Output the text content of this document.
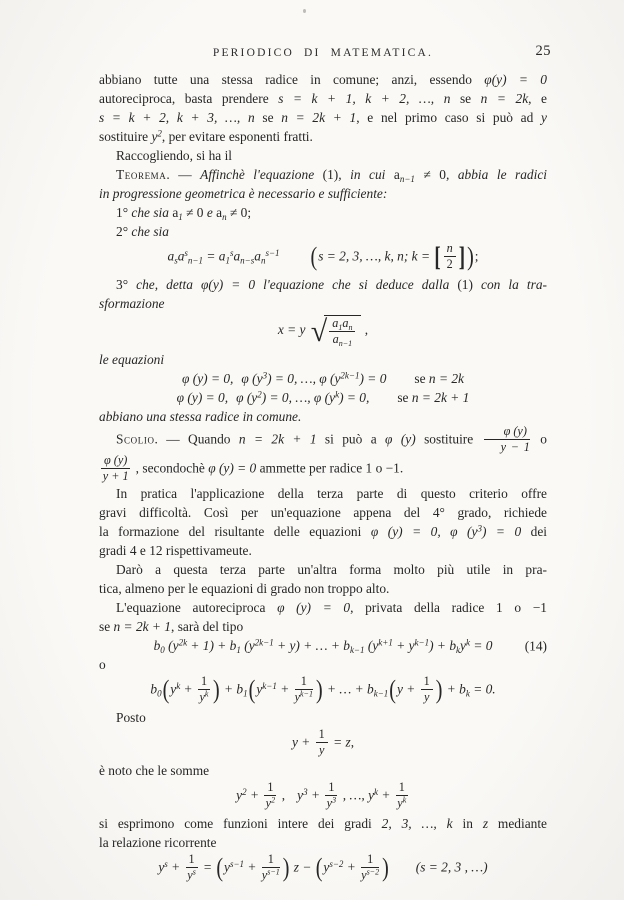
PERIODICO DI MATEMATICA.	25

abbiano tutte una stessa radice in comune; anzi, essendo φ(y) = 0

autoreciproca, basta prendere s = k + 1, k + 2, …, n se n = 2k, e

s = k + 2, k + 3, …, n se n = 2k + 1, e nel primo caso si può ad y

sostituire $y^2$, per evitare esponenti fratti.

Raccogliendo, si ha il

Teorema. — Affinchè l'equazione (1), in cui $a_{n-1} \ne 0$, abbia le radici

in progressione geometrica è necessario e sufficiente:

1° che sia $a_1 \ne 0$ e $a_n \ne 0$;

2° che sia

$a_sa^s_{n-1} = a_1^sa_{n-s}a_n^{s-1}$ (s = 2, 3, …, k, n; k = [ $\frac{n}{2}$ ] );

3° che, detta φ(y) = 0 l'equazione che si deduce dalla (1) con la tra-

sformazione

x = y √ $\frac{a_1a_n}{a_{n-1}}$ ,

le equazioni

φ (y) = 0, φ $(y^3) = 0$, …, φ $(y^{2k-1}) = 0$ se n = 2k
φ (y) = 0, φ $(y^2) = 0$, …, φ $(y^k) = 0$, se n = 2k + 1

abbiano una stessa radice in comune.

Scolio. — Quando n = 2k + 1 si può a φ (y) sostituire $\frac{\varphi (y)}{y - 1}$ o

$\frac{\varphi (y)}{y + 1}$ , secondochè φ (y) = 0 ammette per radice 1 o −1.

In pratica l'applicazione della terza parte di questo criterio offre

gravi difficoltà. Così per un'equazione appena del 4° grado, richiede

la formazione del risultante delle equazioni φ (y) = 0, φ $(y^3) = 0$ dei

gradi 4 e 12 rispettivameute.

Darò a questa terza parte un'altra forma molto più utile in pra-

tica, almeno per le equazioni di grado non troppo alto.

L'equazione autoreciproca φ (y) = 0, privata della radice 1 o −1

se n = 2k + 1, sarà del tipo

$b_0$ $(y^{2k} + 1) + b_1$ $(y^{2k-1} + y)$ + … + $b_{k-1}$ $(y^{k+1} + y^{k-1}) + b_ky^k = 0$ (14)

o

$b_0(y^k + \frac{1}{y^k}$ ) + $b_1(y^{k-1} + \frac{1}{y^{k-1}}$ ) + … + $b_{k-1}(y + \frac{1}{y}$ ) + $b_k = 0$.

Posto

$y + \frac{1}{y} = z$,

è noto che le somme

$y^2 + \frac{1}{y^2}$ , $y^3 + \frac{1}{y^3}$ , …, $y^k + \frac{1}{y^k}$

si esprimono come funzioni intere dei gradi 2, 3, …, k in z mediante

la relazione ricorrente

$y^s + \frac{1}{y^s} = (y^{s-1} + \frac{1}{y^{s-1}}$ ) $z - (y^{s-2} + \frac{1}{y^{s-2}}$ ) (s = 2, 3 , …)
